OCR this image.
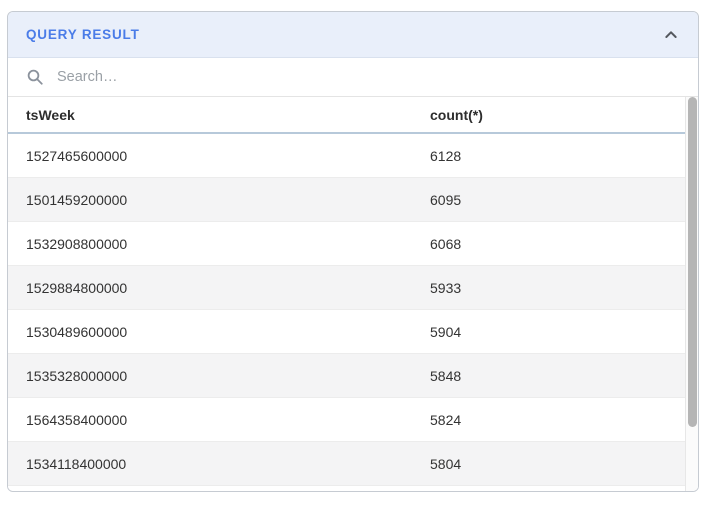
QUERY RESULT
Search…
tsWeek	count(*)
1527465600000	6128
1501459200000	6095
1532908800000	6068
1529884800000	5933
1530489600000	5904
1535328000000	5848
1564358400000	5824
1534118400000	5804
